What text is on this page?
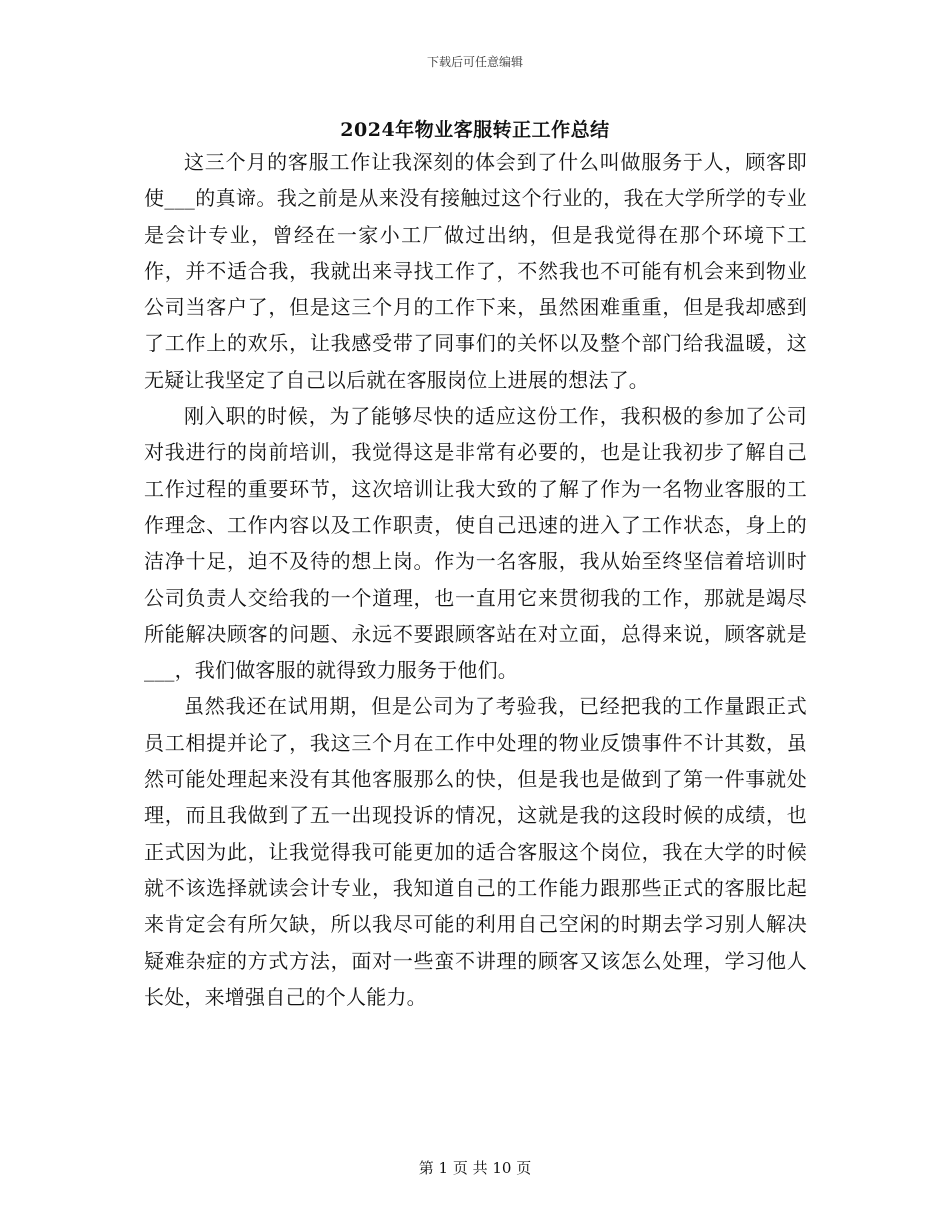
下载后可任意编辑
2024年物业客服转正工作总结

这三个月的客服工作让我深刻的体会到了什么叫做服务于人，顾客即使___的真谛。我之前是从来没有接触过这个行业的，我在大学所学的专业是会计专业，曾经在一家小工厂做过出纳，但是我觉得在那个环境下工作，并不适合我，我就出来寻找工作了，不然我也不可能有机会来到物业公司当客户了，但是这三个月的工作下来，虽然困难重重，但是我却感到了工作上的欢乐，让我感受带了同事们的关怀以及整个部门给我温暖，这无疑让我坚定了自己以后就在客服岗位上进展的想法了。

刚入职的时候，为了能够尽快的适应这份工作，我积极的参加了公司对我进行的岗前培训，我觉得这是非常有必要的，也是让我初步了解自己工作过程的重要环节，这次培训让我大致的了解了作为一名物业客服的工作理念、工作内容以及工作职责，使自己迅速的进入了工作状态，身上的洁净十足，迫不及待的想上岗。作为一名客服，我从始至终坚信着培训时公司负责人交给我的一个道理，也一直用它来贯彻我的工作，那就是竭尽所能解决顾客的问题、永远不要跟顾客站在对立面，总得来说，顾客就是___，我们做客服的就得致力服务于他们。

虽然我还在试用期，但是公司为了考验我，已经把我的工作量跟正式员工相提并论了，我这三个月在工作中处理的物业反馈事件不计其数，虽然可能处理起来没有其他客服那么的快，但是我也是做到了第一件事就处理，而且我做到了五一出现投诉的情况，这就是我的这段时候的成绩，也正式因为此，让我觉得我可能更加的适合客服这个岗位，我在大学的时候就不该选择就读会计专业，我知道自己的工作能力跟那些正式的客服比起来肯定会有所欠缺，所以我尽可能的利用自己空闲的时期去学习别人解决疑难杂症的方式方法，面对一些蛮不讲理的顾客又该怎么处理，学习他人长处，来增强自己的个人能力。

第 1 页 共 10 页
